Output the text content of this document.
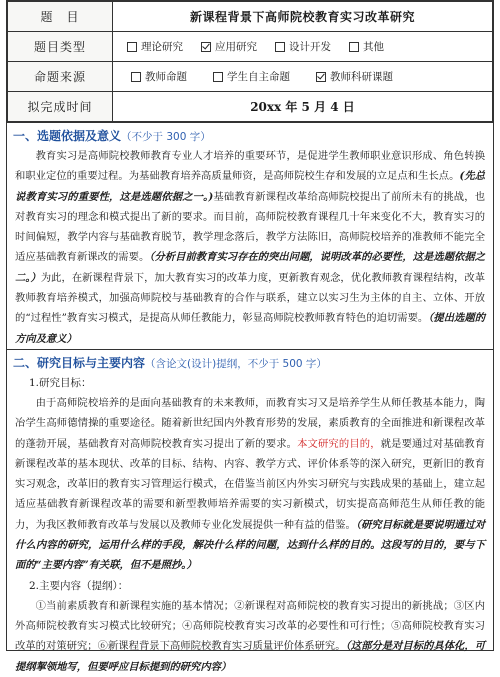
题　目	新课程背景下高师院校教育实习改革研究
题目类型	理论研究 应用研究 设计开发 其他

命题来源	教师命题 学生自主命题 教师科研课题

拟完成时间	20xx 年 5 月 4 日
一、选题依据及意义（不少于 300 字）

教育实习是高师院校教师教育专业人才培养的重要环节，是促进学生教师职业意识形成、角色转换和职业定位的重要过程。为基础教育培养高质量师资，是高师院校生存和发展的立足点和生长点。(先总说教育实习的重要性，这是选题依据之一。)基础教育新课程改革给高师院校提出了前所未有的挑战，也对教育实习的理念和模式提出了新的要求。而目前，高师院校教育课程几十年来变化不大，教育实习的时间偏短，教学内容与基础教育脱节，教学理念落后，教学方法陈旧，高师院校培养的准教师不能完全适应基础教育新课改的需要。（分析目前教育实习存在的突出问题，说明改革的必要性，这是选题依据之二。）为此，在新课程背景下，加大教育实习的改革力度，更新教育观念，优化教师教育课程结构，改革教师教育培养模式，加强高师院校与基础教育的合作与联系，建立以实习生为主体的自主、立体、开放的“过程性”教育实习模式，是提高从师任教能力，彰显高师院校教师教育特色的迫切需要。（提出选题的方向及意义）

二、研究目标与主要内容（含论文(设计)提纲，不少于 500 字）

1.研究目标：

由于高师院校培养的是面向基础教育的未来教师，而教育实习又是培养学生从师任教基本能力，陶冶学生高师德情操的重要途径。随着新世纪国内外教育形势的发展，素质教育的全面推进和新课程改革的蓬勃开展，基础教育对高师院校教育实习提出了新的要求。本文研究的目的，就是要通过对基础教育新课程改革的基本现状、改革的目标、结构、内容、教学方式、评价体系等的深入研究，更新旧的教育实习观念，改革旧的教育实习管理运行模式，在借鉴当前区内外实习研究与实践成果的基础上，建立起适应基础教育新课程改革的需要和新型教师培养需要的实习新模式，切实提高高师范生从师任教的能力，为我区教师教育改革与发展以及教师专业化发展提供一种有益的借鉴。（研究目标就是要说明通过对什么内容的研究，运用什么样的手段，解决什么样的问题，达到什么样的目的。这段写的目的，要与下面的“主要内容”有关联，但不是照抄。）

2.主要内容（提纲）：

①当前素质教育和新课程实施的基本情况；②新课程对高师院校的教育实习提出的新挑战；③区内外高师院校教育实习模式比较研究；④高师院校教育实习改革的必要性和可行性；⑤高师院校教育实习改革的对策研究；⑥新课程背景下高师院校教育实习质量评价体系研究。（这部分是对目标的具体化，可提纲挈领地写，但要呼应目标提到的研究内容）
